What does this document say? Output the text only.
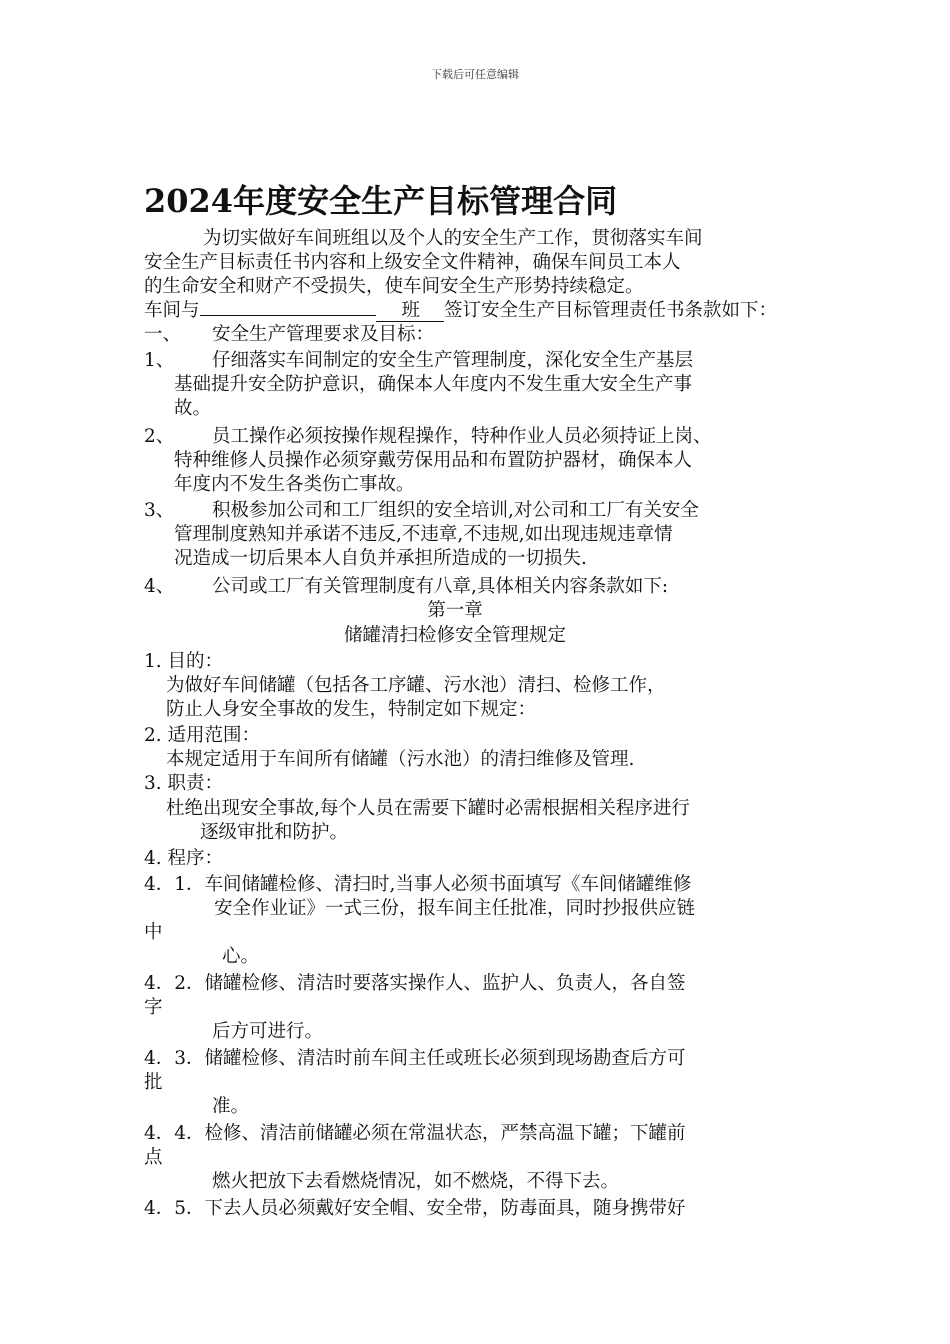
下载后可任意编辑
2024年度安全生产目标管理合同
为切实做好车间班组以及个人的安全生产工作，贯彻落实车间
安全生产目标责任书内容和上级安全文件精神，确保车间员工本人
的生命安全和财产不受损失，使车间安全生产形势持续稳定。
车间与	班 签订安全生产目标管理责任书条款如下：
一、 安全生产管理要求及目标：
1、 仔细落实车间制定的安全生产管理制度，深化安全生产基层
基础提升安全防护意识，确保本人年度内不发生重大安全生产事
故。
2、 员工操作必须按操作规程操作，特种作业人员必须持证上岗、
特种维修人员操作必须穿戴劳保用品和布置防护器材，确保本人
年度内不发生各类伤亡事故。
3、 积极参加公司和工厂组织的安全培训,对公司和工厂有关安全
管理制度熟知并承诺不违反,不违章,不违规,如出现违规违章情
况造成一切后果本人自负并承担所造成的一切损失.
4、 公司或工厂有关管理制度有八章,具体相关内容条款如下:
第一章
储罐清扫检修安全管理规定
1. 目的：
为做好车间储罐（包括各工序罐、污水池）清扫、检修工作，
防止人身安全事故的发生，特制定如下规定：
2. 适用范围：
本规定适用于车间所有储罐（污水池）的清扫维修及管理.
3. 职责：
杜绝出现安全事故,每个人员在需要下罐时必需根据相关程序进行
逐级审批和防护。
4. 程序：
4．1．车间储罐检修、清扫时,当事人必须书面填写《车间储罐维修
安全作业证》一式三份，报车间主任批准，同时抄报供应链
中
心。
4．2．储罐检修、清洁时要落实操作人、监护人、负责人，各自签
字
后方可进行。
4．3．储罐检修、清洁时前车间主任或班长必须到现场勘查后方可
批
准。
4．4．检修、清洁前储罐必须在常温状态，严禁高温下罐；下罐前
点
燃火把放下去看燃烧情况，如不燃烧，不得下去。
4．5．下去人员必须戴好安全帽、安全带，防毒面具，随身携带好
